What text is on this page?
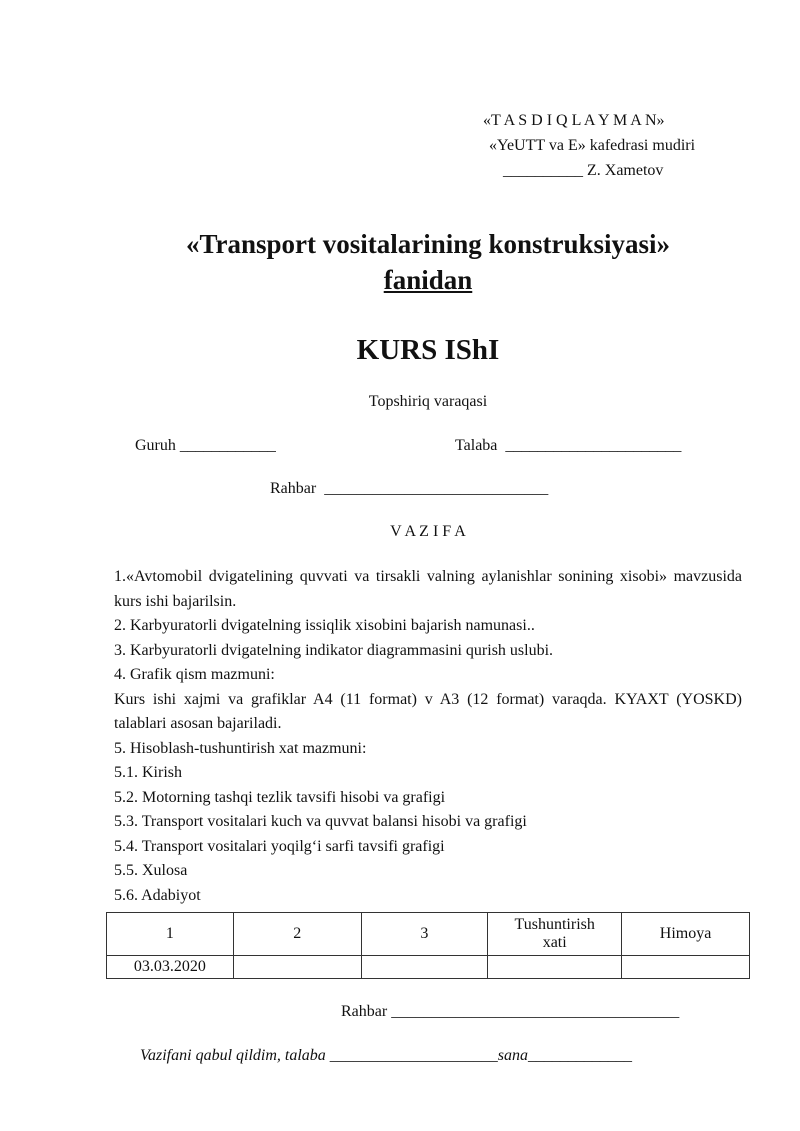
«T A S D I Q L A Y M A N»
«YeUTT va E» kafedrasi mudiri
__________ Z. Xametov
«Transport vositalarining konstruksiyasi»
fanidan
KURS IShI
Topshiriq varaqasi
Guruh ____________	Talaba  ______________________
Rahbar  ____________________________
V A Z I F A

1.«Avtomobil dvigatelining quvvati va tirsakli valning aylanishlar sonining xisobi» mavzusida kurs ishi bajarilsin.

2. Karbyuratorli dvigatelning issiqlik xisobini bajarish namunasi..

3. Karbyuratorli dvigatelning indikator diagrammasini qurish uslubi.

4. Grafik qism mazmuni:

Kurs ishi xajmi va grafiklar A4 (11 format) v A3 (12 format) varaqda. KYAXT (YOSKD) talablari asosan bajariladi.

5. Hisoblash-tushuntirish xat mazmuni:

5.1. Kirish

5.2. Motorning tashqi tezlik tavsifi hisobi va grafigi

5.3. Transport vositalari kuch va quvvat balansi hisobi va grafigi

5.4. Transport vositalari yoqilg‘i sarfi tavsifi grafigi

5.5. Xulosa

5.6. Adabiyot

1	2	3	Tushuntirish xati	Himoya
03.03.2020				
Rahbar ____________________________________
Vazifani qabul qildim, talaba _____________________sana_____________
